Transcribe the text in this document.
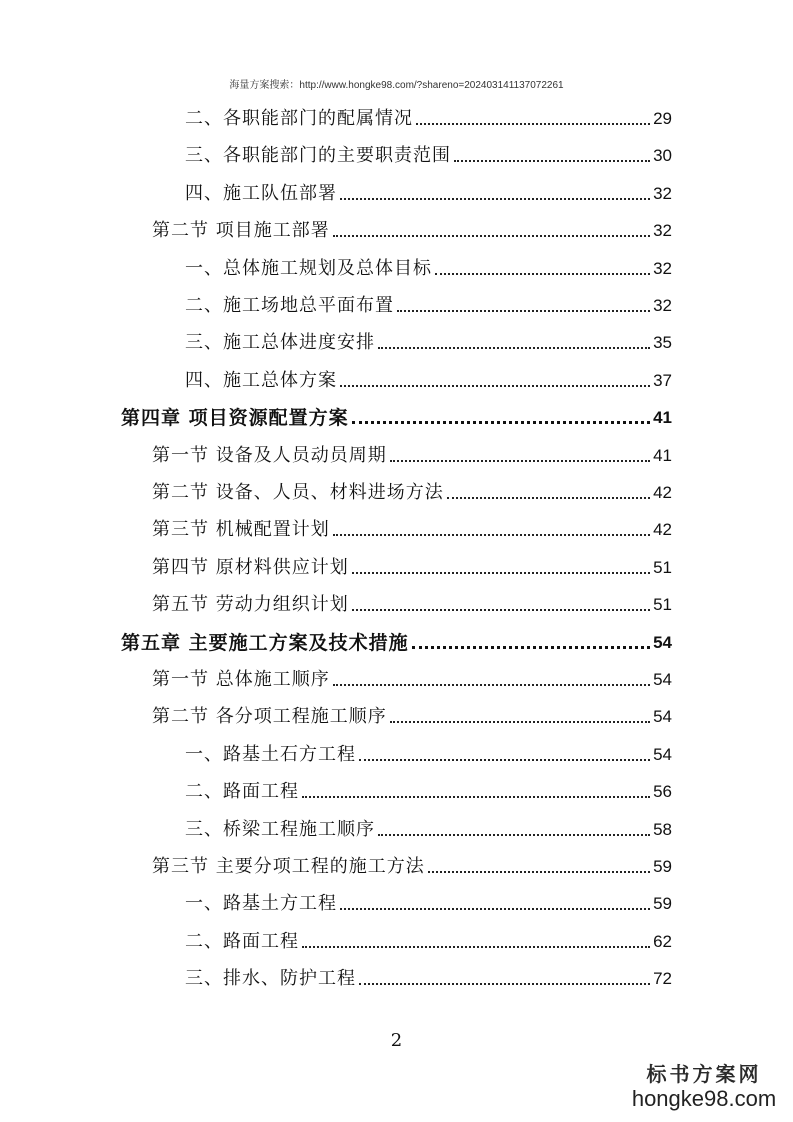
海量方案搜索：http://www.hongke98.com/?shareno=202403141137072261
二、各职能部门的配属情况	29
三、各职能部门的主要职责范围	30
四、施工队伍部署	32
第二节 项目施工部署	32
一、总体施工规划及总体目标	32
二、施工场地总平面布置	32
三、施工总体进度安排	35
四、施工总体方案	37
第四章 项目资源配置方案	41
第一节 设备及人员动员周期	41
第二节 设备、人员、材料进场方法	42
第三节 机械配置计划	42
第四节 原材料供应计划	51
第五节 劳动力组织计划	51
第五章 主要施工方案及技术措施	54
第一节 总体施工顺序	54
第二节 各分项工程施工顺序	54
一、路基土石方工程	54
二、路面工程	56
三、桥梁工程施工顺序	58
第三节 主要分项工程的施工方法	59
一、路基土方工程	59
二、路面工程	62
三、排水、防护工程	72
2
标书方案网
hongke98.com
